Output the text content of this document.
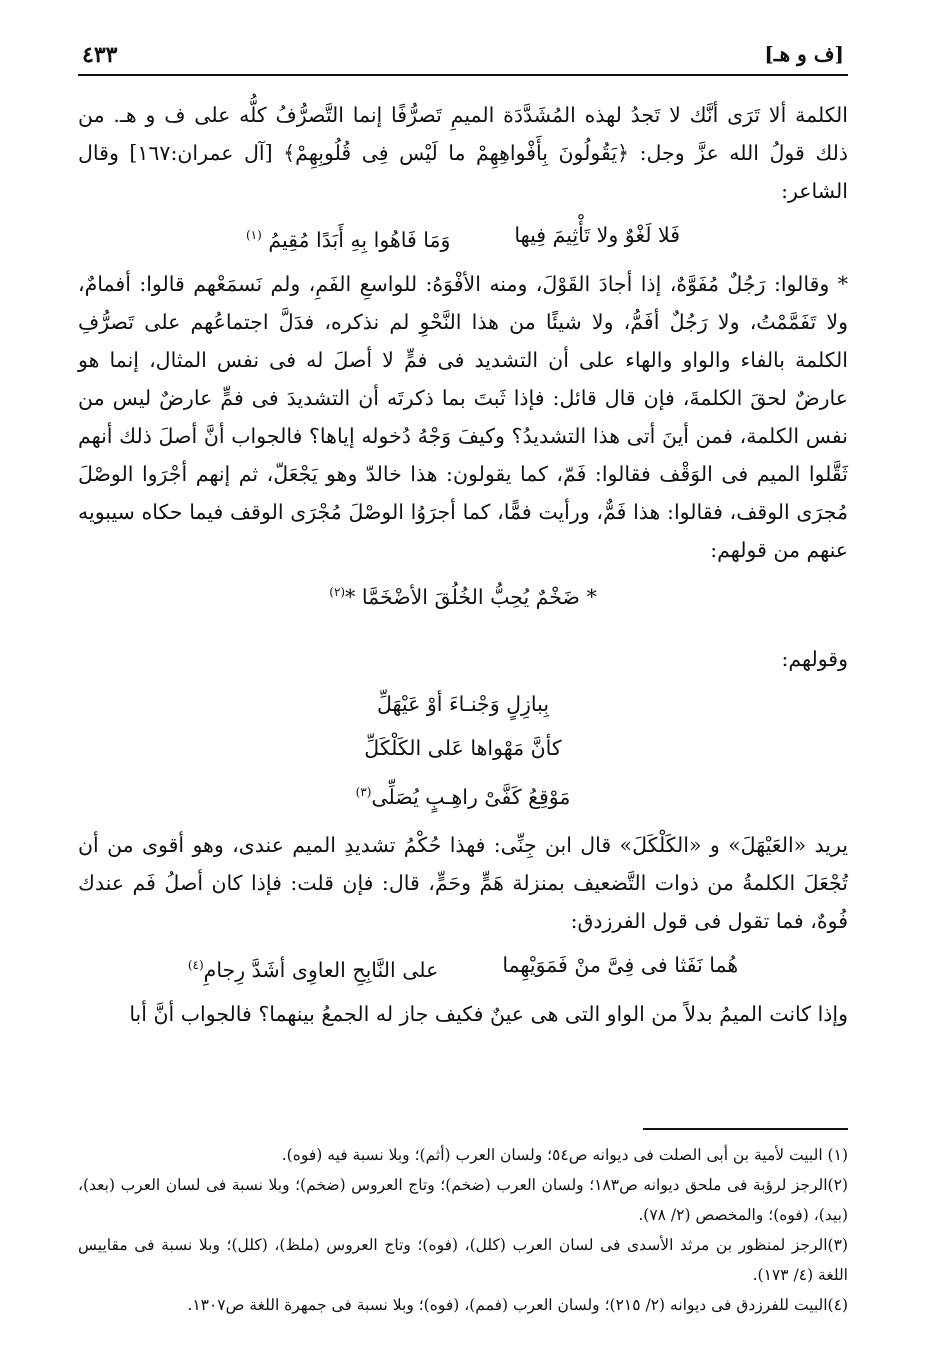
[ف و هـ]
٤٣٣

الكلمة ألا تَرَى أنَّك لا تَجدُ لهذه المُشَدَّدَة الميمِ تَصرُّفًا إنما التَّصرُّفُ كلُّه على ف و هـ. من ذلك قولُ الله عزَّ وجل: ﴿يَقُولُونَ بِأَفْواهِهِمْ ما لَيْس فِى قُلُوبِهِمْ﴾ [آل عمران:١٦٧] وقال الشاعر:

فَلا لَغْوٌ ولا تَأْثِيمَ فِيها
وَمَا فَاهُوا بِهِ أَبَدًا مُقِيمُ $^{(١)}$

* وقالوا: رَجُلٌ مُفَوَّهٌ، إذا أجادَ القَوْلَ، ومنه الأفْوَهُ: للواسعِ الفَمِ، ولم نَسمَعْهم قالوا: أفمامٌ، ولا تَفَمَّمْتُ، ولا رَجُلٌ أفَمُّ، ولا شيئًا من هذا النَّحْوِ لم نذكره، فدَلَّ اجتماعُهم على تَصرُّفِ الكلمة بالفاء والواو والهاء على أن التشديد فى فمٍّ لا أصلَ له فى نفس المثال، إنما هو عارضٌ لحقَ الكلمةَ، فإن قال قائل: فإذا ثَبتَ بما ذكرتَه أن التشديدَ فى فمٍّ عارضٌ ليس من نفس الكلمة، فمن أينَ أتى هذا التشديدُ؟ وكيفَ وَجْهُ دُخوله إياها؟ فالجواب أنَّ أصلَ ذلك أنهم ثَقَّلوا الميم فى الوَقْف فقالوا: فَمّ، كما يقولون: هذا خالدّ وهو يَجْعَلّ، ثم إنهم أجْرَوا الوصْلَ مُجرَى الوقف، فقالوا: هذا فَمٌّ، ورأيت فمًّا، كما أجرَوُا الوصْلَ مُجْرَى الوقف فيما حكاه سيبويه عنهم من قولهم:

* ضَخْمٌ يُحِبُّ الخُلُقَ الأضْخَمَّا *$^{(٢)}$

وقولهم:

بِبازِلٍ وَجْنـاءَ أوْ عَيْهَلِّ
كأنَّ مَهْواها عَلى الكَلْكَلِّ
مَوْقِعُ كَفَّىْ راهِـبٍ يُصَلِّى$^{(٣)}$

يريد «العَيْهَلَ» و «الكَلْكَلَ» قال ابن جِنِّى: فهذا حُكْمُ تشديدِ الميم عندى، وهو أقوى من أن تُجْعَلَ الكلمةُ من ذوات التَّضعيف بمنزلة هَمٍّ وحَمٍّ، قال: فإن قلت: فإذا كان أصلُ فَم عندك فُوهٌ، فما تقول فى قول الفرزدق:

هُما نَفَثا فى فِىَّ منْ فَمَوَيْهِما
على النَّابِحِ العاوِى أشَدَّ رِجامِ$^{(٤)}$

وإذا كانت الميمُ بدلاً من الواو التى هى عينٌ فكيف جاز له الجمعُ بينهما؟ فالجواب أنَّ أبا

(١) البيت لأمية بن أبى الصلت فى ديوانه ص٥٤؛ ولسان العرب (أثم)؛ وبلا نسبة فيه (فوه).

(٢)الرجز لرؤبة فى ملحق ديوانه ص١٨٣؛ ولسان العرب (ضخم)؛ وتاج العروس (ضخم)؛ وبلا نسبة فى لسان العرب (بعد)، (بيد)، (فوه)؛ والمخصص (٢/ ٧٨).

(٣)الرجز لمنظور بن مرثد الأسدى فى لسان العرب (كلل)، (فوه)؛ وتاج العروس (ملظ)، (كلل)؛ وبلا نسبة فى مقاييس اللغة (٤/ ١٧٣).

(٤)البيت للفرزدق فى ديوانه (٢/ ٢١٥)؛ ولسان العرب (فمم)، (فوه)؛ وبلا نسبة فى جمهرة اللغة ص١٣٠٧.
